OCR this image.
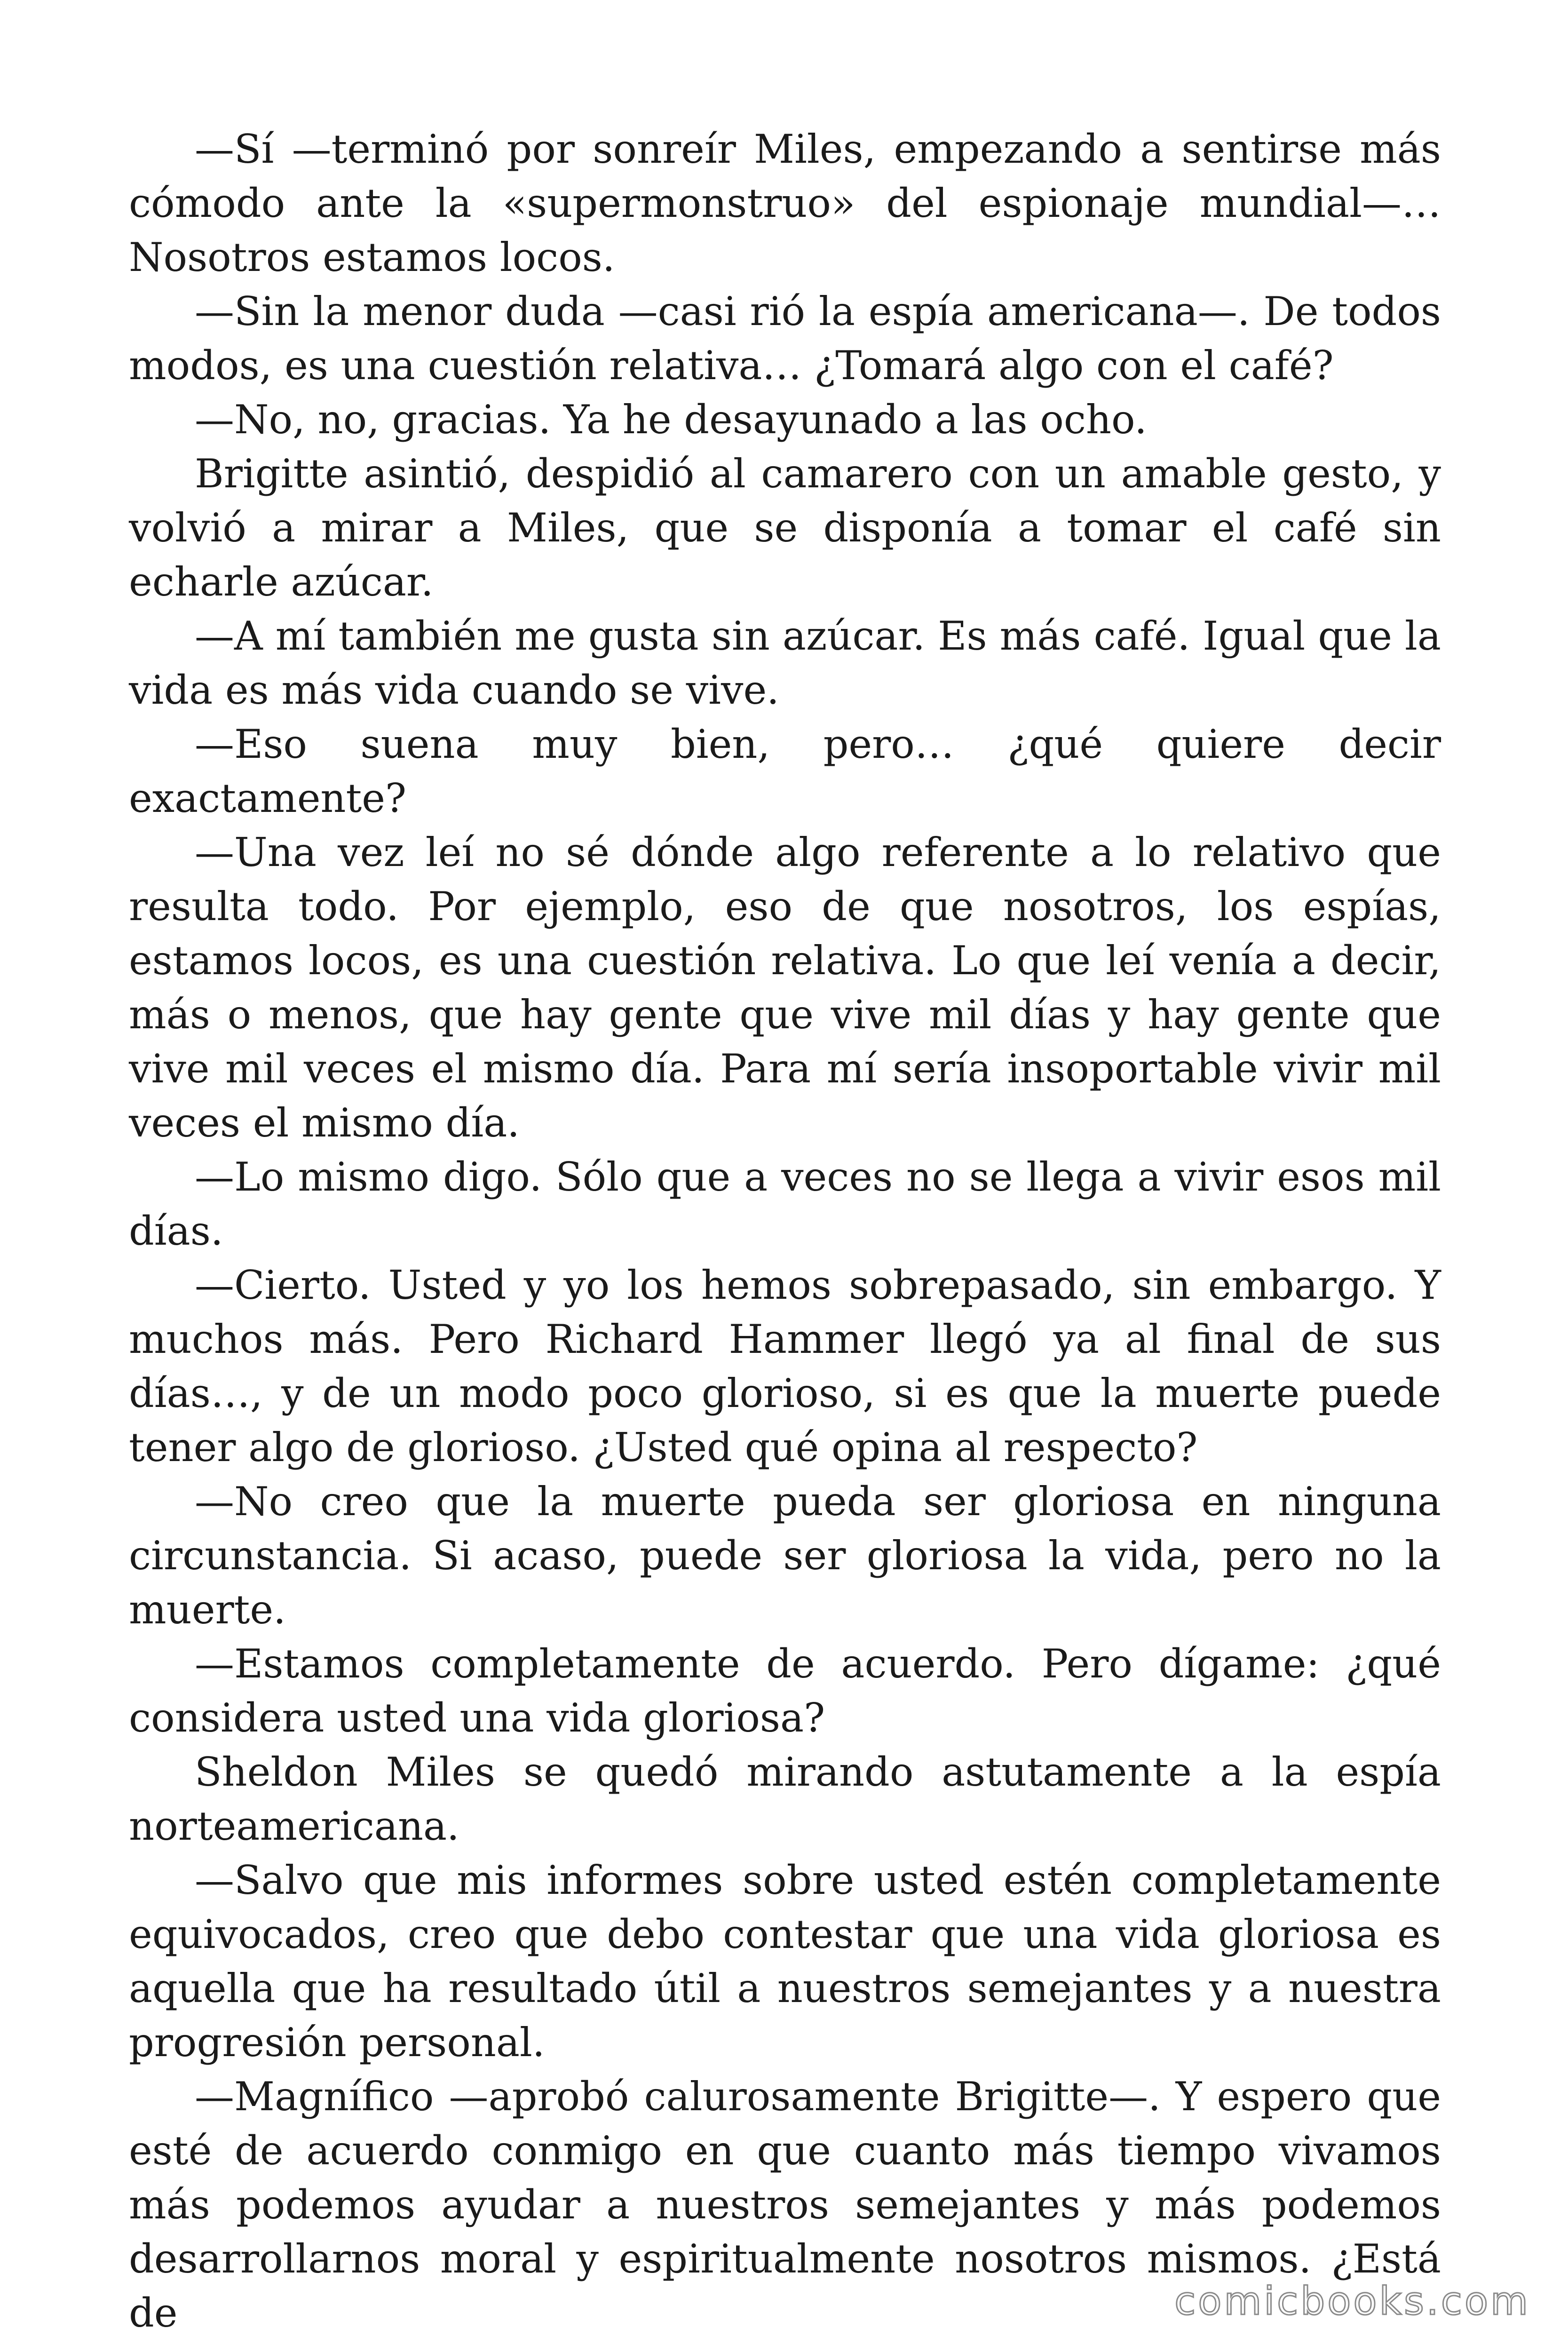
—Sí —terminó por sonreír Miles, empezando a sentirse más cómodo ante la «supermonstruo» del espionaje mundial—… Nosotros estamos locos.

—Sin la menor duda —casi rió la espía americana—. De todos modos, es una cuestión relativa… ¿Tomará algo con el café?

—No, no, gracias. Ya he desayunado a las ocho.

Brigitte asintió, despidió al camarero con un amable gesto, y volvió a mirar a Miles, que se disponía a tomar el café sin echarle azúcar.

—A mí también me gusta sin azúcar. Es más café. Igual que la vida es más vida cuando se vive.

—Eso suena muy bien, pero… ¿qué quiere decir exactamente?

—Una vez leí no sé dónde algo referente a lo relativo que resulta todo. Por ejemplo, eso de que nosotros, los espías, estamos locos, es una cuestión relativa. Lo que leí venía a decir, más o menos, que hay gente que vive mil días y hay gente que vive mil veces el mismo día. Para mí sería insoportable vivir mil veces el mismo día.

—Lo mismo digo. Sólo que a veces no se llega a vivir esos mil días.

—Cierto. Usted y yo los hemos sobrepasado, sin embargo. Y muchos más. Pero Richard Hammer llegó ya al final de sus días…, y de un modo poco glorioso, si es que la muerte puede tener algo de glorioso. ¿Usted qué opina al respecto?

—No creo que la muerte pueda ser gloriosa en ninguna circunstancia. Si acaso, puede ser gloriosa la vida, pero no la muerte.

—Estamos completamente de acuerdo. Pero dígame: ¿qué considera usted una vida gloriosa?

Sheldon Miles se quedó mirando astutamente a la espía norteamericana.

—Salvo que mis informes sobre usted estén completamente equivocados, creo que debo contestar que una vida gloriosa es aquella que ha resultado útil a nuestros semejantes y a nuestra progresión personal.

—Magnífico —aprobó calurosamente Brigitte—. Y espero que esté de acuerdo conmigo en que cuanto más tiempo vivamos más podemos ayudar a nuestros semejantes y más podemos desarrollarnos moral y espiritualmente nosotros mismos. ¿Está de	comicbooks.com
